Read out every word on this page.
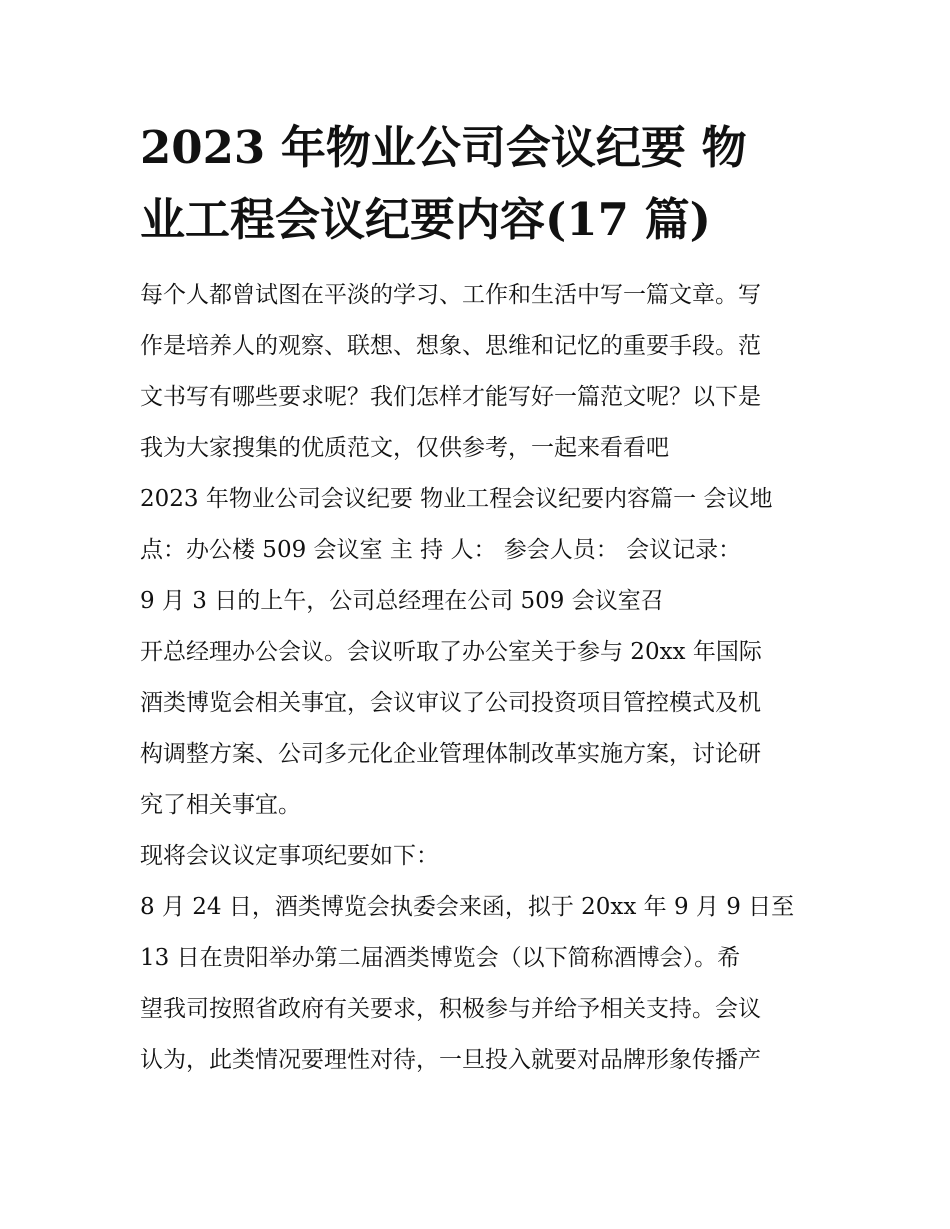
2023 年物业公司会议纪要 物
业工程会议纪要内容(17 篇)
每个人都曾试图在平淡的学习、工作和生活中写一篇文章。写
作是培养人的观察、联想、想象、思维和记忆的重要手段。范
文书写有哪些要求呢？我们怎样才能写好一篇范文呢？以下是
我为大家搜集的优质范文，仅供参考，一起来看看吧
2023 年物业公司会议纪要 物业工程会议纪要内容篇一 会议地
点：办公楼 509 会议室 主 持 人： 参会人员： 会议记录：
9 月 3 日的上午，公司总经理在公司 509 会议室召
开总经理办公会议。会议听取了办公室关于参与 20xx 年国际
酒类博览会相关事宜，会议审议了公司投资项目管控模式及机
构调整方案、公司多元化企业管理体制改革实施方案，讨论研
究了相关事宜。
现将会议议定事项纪要如下：
8 月 24 日，酒类博览会执委会来函，拟于 20xx 年 9 月 9 日至
13 日在贵阳举办第二届酒类博览会（以下简称酒博会）。希
望我司按照省政府有关要求，积极参与并给予相关支持。会议
认为，此类情况要理性对待，一旦投入就要对品牌形象传播产
